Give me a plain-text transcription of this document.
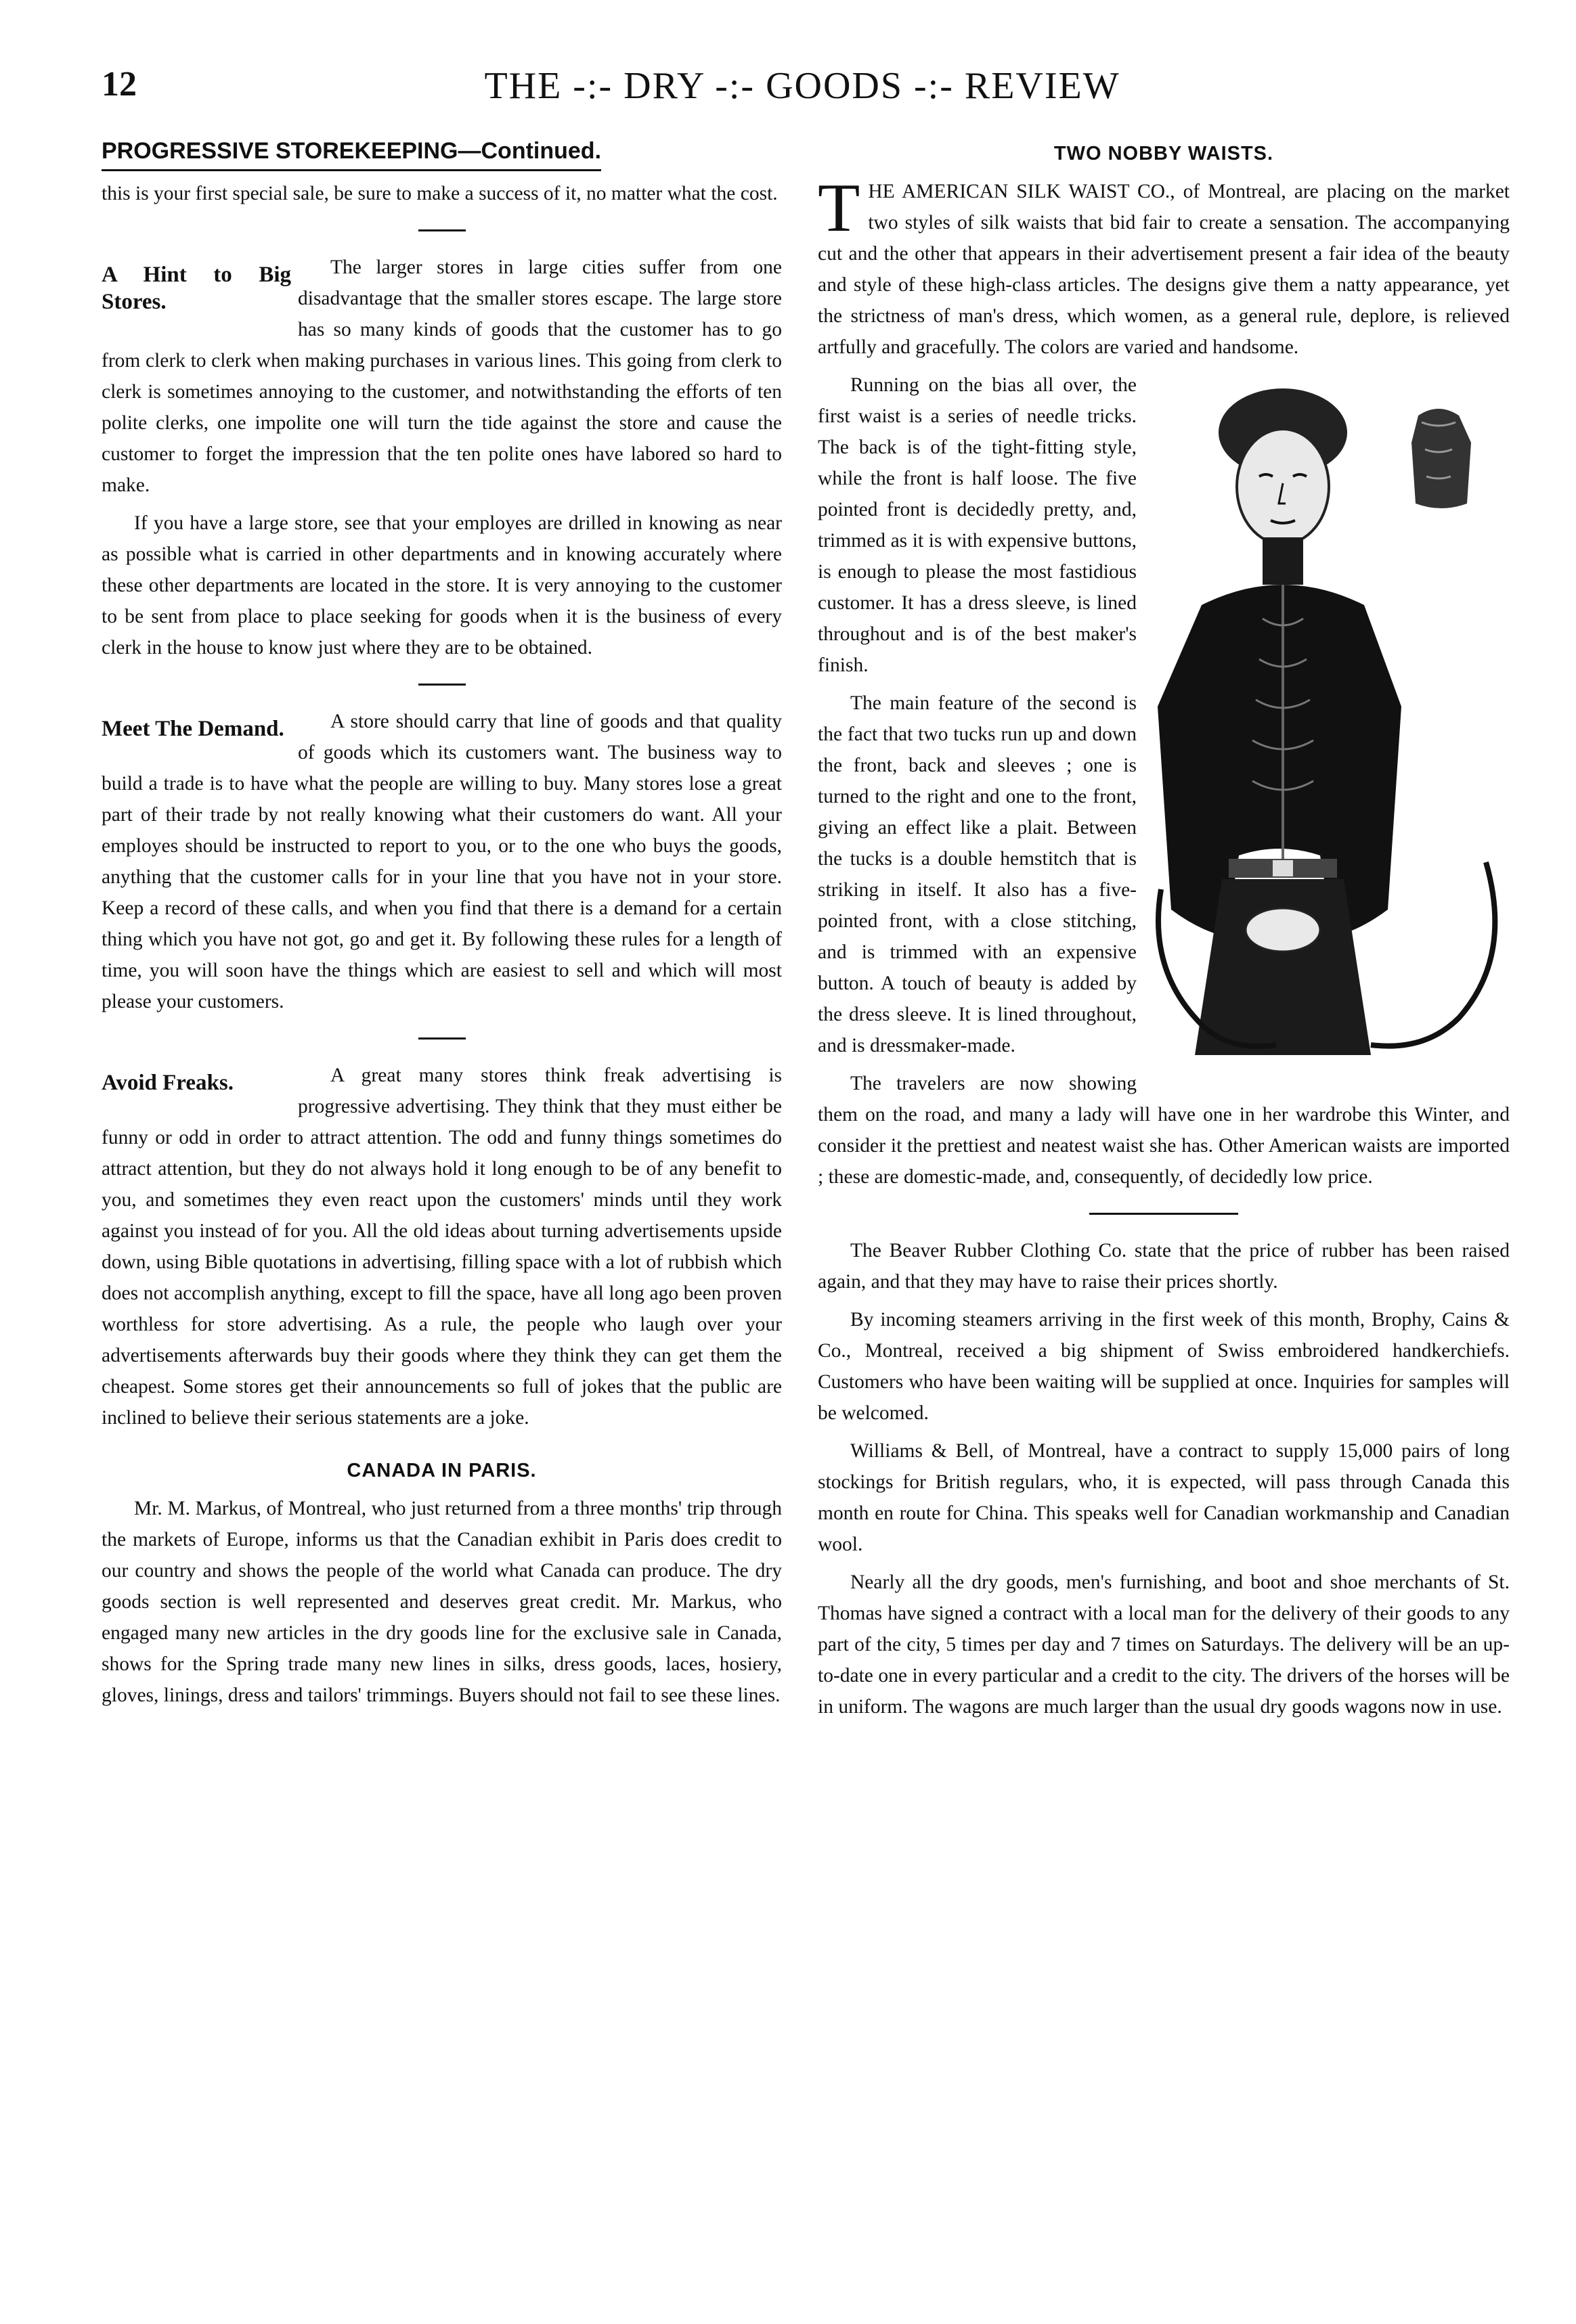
12	THE -:- DRY -:- GOODS -:- REVIEW
PROGRESSIVE STOREKEEPING—Continued.

this is your first special sale, be sure to make a success of it, no matter what the cost.

A Hint to Big Stores.

The larger stores in large cities suffer from one disadvantage that the smaller stores escape. The large store has so many kinds of goods that the customer has to go from clerk to clerk when making purchases in various lines. This going from clerk to clerk is sometimes annoying to the customer, and notwithstanding the efforts of ten polite clerks, one impolite one will turn the tide against the store and cause the customer to forget the impression that the ten polite ones have labored so hard to make.

If you have a large store, see that your employes are drilled in knowing as near as possible what is carried in other departments and in knowing accurately where these other departments are located in the store. It is very annoying to the customer to be sent from place to place seeking for goods when it is the business of every clerk in the house to know just where they are to be obtained.

Meet The Demand.	A store should carry that line of goods and that quality of goods which its customers want. The business way to build a trade is to have what the people are willing to buy. Many stores lose a great part of their trade by not really knowing what their customers do want. All your employes should be instructed to report to you, or to the one who buys the goods, anything that the customer calls for in your line that you have not in your store. Keep a record of these calls, and when you find that there is a demand for a certain thing which you have not got, go and get it. By following these rules for a length of time, you will soon have the things which are easiest to sell and which will most please your customers.

Avoid Freaks.	A great many stores think freak advertising is progressive advertising. They think that they must either be funny or odd in order to attract attention. The odd and funny things sometimes do attract attention, but they do not always hold it long enough to be of any benefit to you, and sometimes they even react upon the customers' minds until they work against you instead of for you. All the old ideas about turning advertisements upside down, using Bible quotations in advertising, filling space with a lot of rubbish which does not accomplish anything, except to fill the space, have all long ago been proven worthless for store advertising. As a rule, the people who laugh over your advertisements afterwards buy their goods where they think they can get them the cheapest. Some stores get their announcements so full of jokes that the public are inclined to believe their serious statements are a joke.

CANADA IN PARIS.

Mr. M. Markus, of Montreal, who just returned from a three months' trip through the markets of Europe, informs us that the Canadian exhibit in Paris does credit to our country and shows the people of the world what Canada can produce. The dry goods section is well represented and deserves great credit. Mr. Markus, who engaged many new articles in the dry goods line for the exclusive sale in Canada, shows for the Spring trade many new lines in silks, dress goods, laces, hosiery, gloves, linings, dress and tailors' trimmings. Buyers should not fail to see these lines.

TWO NOBBY WAISTS.
T HE AMERICAN SILK WAIST CO., of Montreal, are placing on the market two styles of silk waists that bid fair to create a sensation. The accompanying cut and the other that appears in their advertisement present a fair idea of the beauty and style of these high-class articles. The designs give them a natty appearance, yet the strictness of man's dress, which women, as a general rule, deplore, is relieved artfully and gracefully. The colors are varied and handsome.

Running on the bias all over, the first waist is a series of needle tricks. The back is of the tight-fitting style, while the front is half loose. The five pointed front is decidedly pretty, and, trimmed as it is with expensive buttons, is enough to please the most fastidious customer. It has a dress sleeve, is lined throughout and is of the best maker's finish.

The main feature of the second is the fact that two tucks run up and down the front, back and sleeves ; one is turned to the right and one to the front, giving an effect like a plait. Between the tucks is a double hemstitch that is striking in itself. It also has a five-pointed front, with a close stitching, and is trimmed with an expensive button. A touch of beauty is added by the dress sleeve. It is lined throughout, and is dressmaker-made.

The travelers are now showing them on the road, and many a lady will have one in her wardrobe this Winter, and consider it the prettiest and neatest waist she has. Other American waists are imported ; these are domestic-made, and, consequently, of decidedly low price.

The Beaver Rubber Clothing Co. state that the price of rubber has been raised again, and that they may have to raise their prices shortly.

By incoming steamers arriving in the first week of this month, Brophy, Cains & Co., Montreal, received a big shipment of Swiss embroidered handkerchiefs. Customers who have been waiting will be supplied at once. Inquiries for samples will be welcomed.

Williams & Bell, of Montreal, have a contract to supply 15,000 pairs of long stockings for British regulars, who, it is expected, will pass through Canada this month en route for China. This speaks well for Canadian workmanship and Canadian wool.

Nearly all the dry goods, men's furnishing, and boot and shoe merchants of St. Thomas have signed a contract with a local man for the delivery of their goods to any part of the city, 5 times per day and 7 times on Saturdays. The delivery will be an up-to-date one in every particular and a credit to the city. The drivers of the horses will be in uniform. The wagons are much larger than the usual dry goods wagons now in use.
